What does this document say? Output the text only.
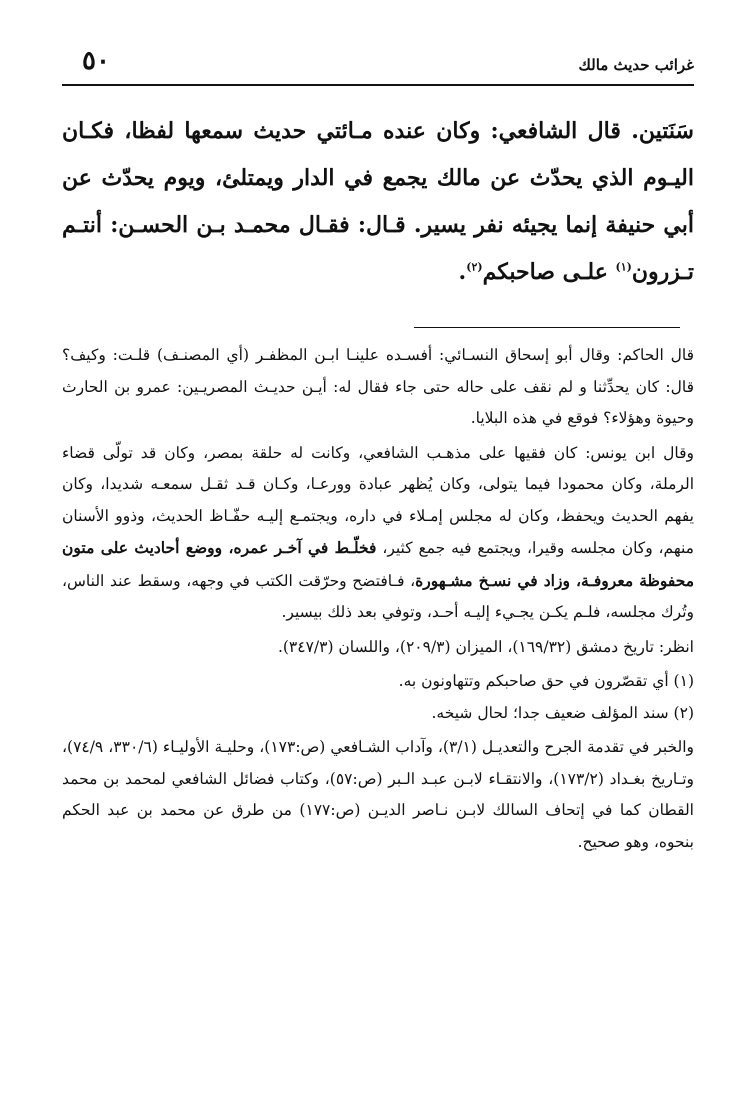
غرائب حديث مالك
٥٠
سَنَتين. قال الشافعي: وكان عنده مـائتي حديث سمعها لفظا، فكـان اليـوم الذي يحدّث عن مالك يجمع في الدار ويمتلئ، ويوم يحدّث عن أبي حنيفة إنما يجيئه نفر يسير. قـال: فقـال محمـد بـن الحسـن: أنتـم تـزرون$^{(١)}$ علـى صاحبكم$^{(٢)}$.

قال الحاكم: وقال أبو إسحاق النسـائي: أفسـده علينـا ابـن المظفـر (أي المصنـف) قلـت: وكيف؟ قال: كان يحدِّثنا و لم نقف على حاله حتى جاء فقال له: أيـن حديـث المصريـين: عمرو بن الحارث وحيوة وهؤلاء؟ فوقع في هذه البلايا.

وقال ابن يونس: كان فقيها على مذهـب الشافعي، وكانت له حلقة بمصر، وكان قد تولّى قضاء الرملة، وكان محمودا فيما يتولى، وكان يُظهر عبادة وورعـا، وكـان قـد ثقـل سمعـه شديدا، وكان يفهم الحديث ويحفظ، وكان له مجلس إمـلاء في داره، ويجتمـع إليـه حفّـاظ الحديث، وذوو الأسنان منهم، وكان مجلسه وقيرا، ويجتمع فيه جمع كثير، فخلّـط في آخـر عمره، ووضع أحاديث على متون محفوظة معروفـة، وزاد في نسـخ مشـهورة، فـافتضح وحرّقت الكتب في وجهه، وسقط عند الناس، وتُرك مجلسه، فلـم يكـن يجـيء إليـه أحـد، وتوفي بعد ذلك بيسير.

انظر: تاريخ دمشق (١٦٩/٣٢)، الميزان (٢٠٩/٣)، واللسان (٣٤٧/٣).

(١) أي تقصّرون في حق صاحبكم وتتهاونون به.

(٢) سند المؤلف ضعيف جدا؛ لحال شيخه.

والخبر في تقدمة الجرح والتعديـل (٣/١)، وآداب الشـافعي (ص:١٧٣)، وحليـة الأوليـاء (٣٣٠/٦، ٧٤/٩)، وتـاريخ بغـداد (١٧٣/٢)، والانتقـاء لابـن عبـد الـبر (ص:٥٧)، وكتاب فضائل الشافعي لمحمد بن محمد القطان كما في إتحاف السالك لابـن نـاصر الديـن (ص:١٧٧) من طرق عن محمد بن عبد الحكم بنحوه، وهو صحيح.
